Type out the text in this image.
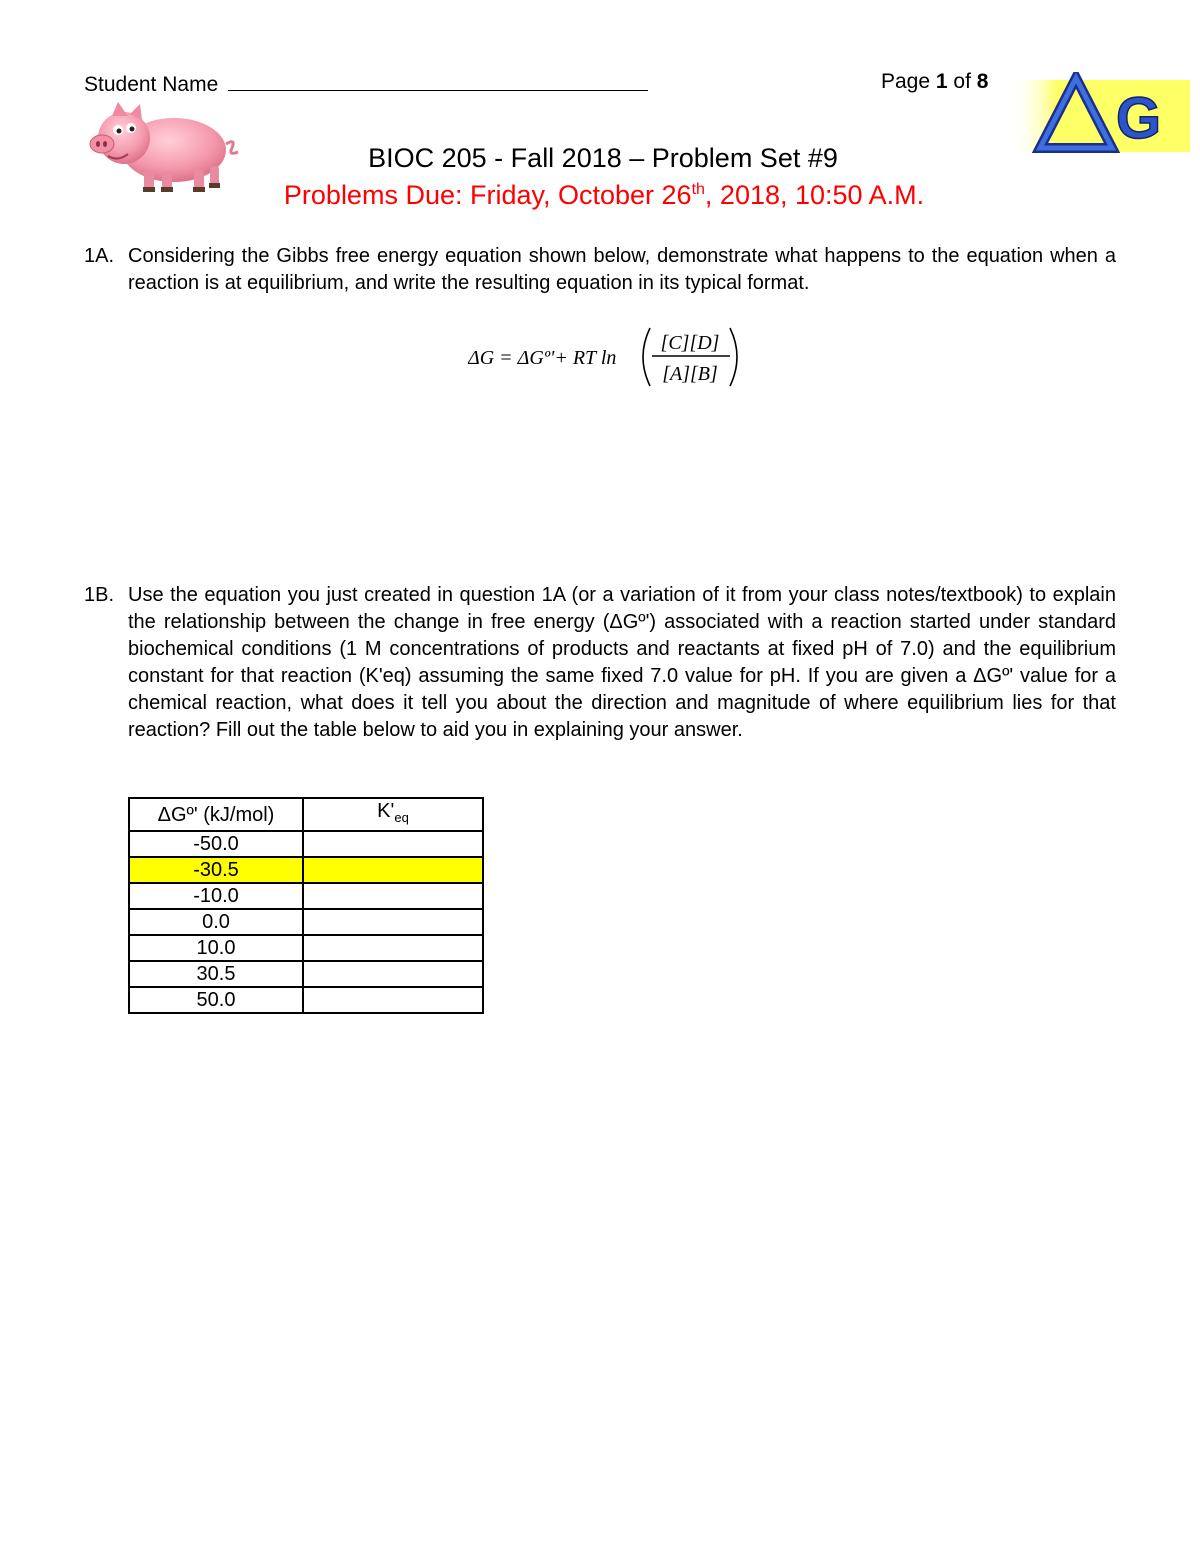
Student Name	Page 1 of 8
G
BIOC 205 - Fall 2018 – Problem Set #9
Problems Due: Friday, October 26th, 2018, 10:50 A.M.
1A. Considering the Gibbs free energy equation shown below, demonstrate what happens to the equation when a reaction is at equilibrium, and write the resulting equation in its typical format.
ΔG = ΔGº'+ RT ln
[C][D]
[A][B]
1B. Use the equation you just created in question 1A (or a variation of it from your class notes/textbook) to explain the relationship between the change in free energy (ΔGº') associated with a reaction started under standard biochemical conditions (1 M concentrations of products and reactants at fixed pH of 7.0) and the equilibrium constant for that reaction (K'eq) assuming the same fixed 7.0 value for pH. If you are given a ΔGº' value for a chemical reaction, what does it tell you about the direction and magnitude of where equilibrium lies for that reaction? Fill out the table below to aid you in explaining your answer.
ΔGº' (kJ/mol)	$K'_{eq}$
-50.0	
-30.5	
-10.0	
0.0	
10.0	
30.5	
50.0	
